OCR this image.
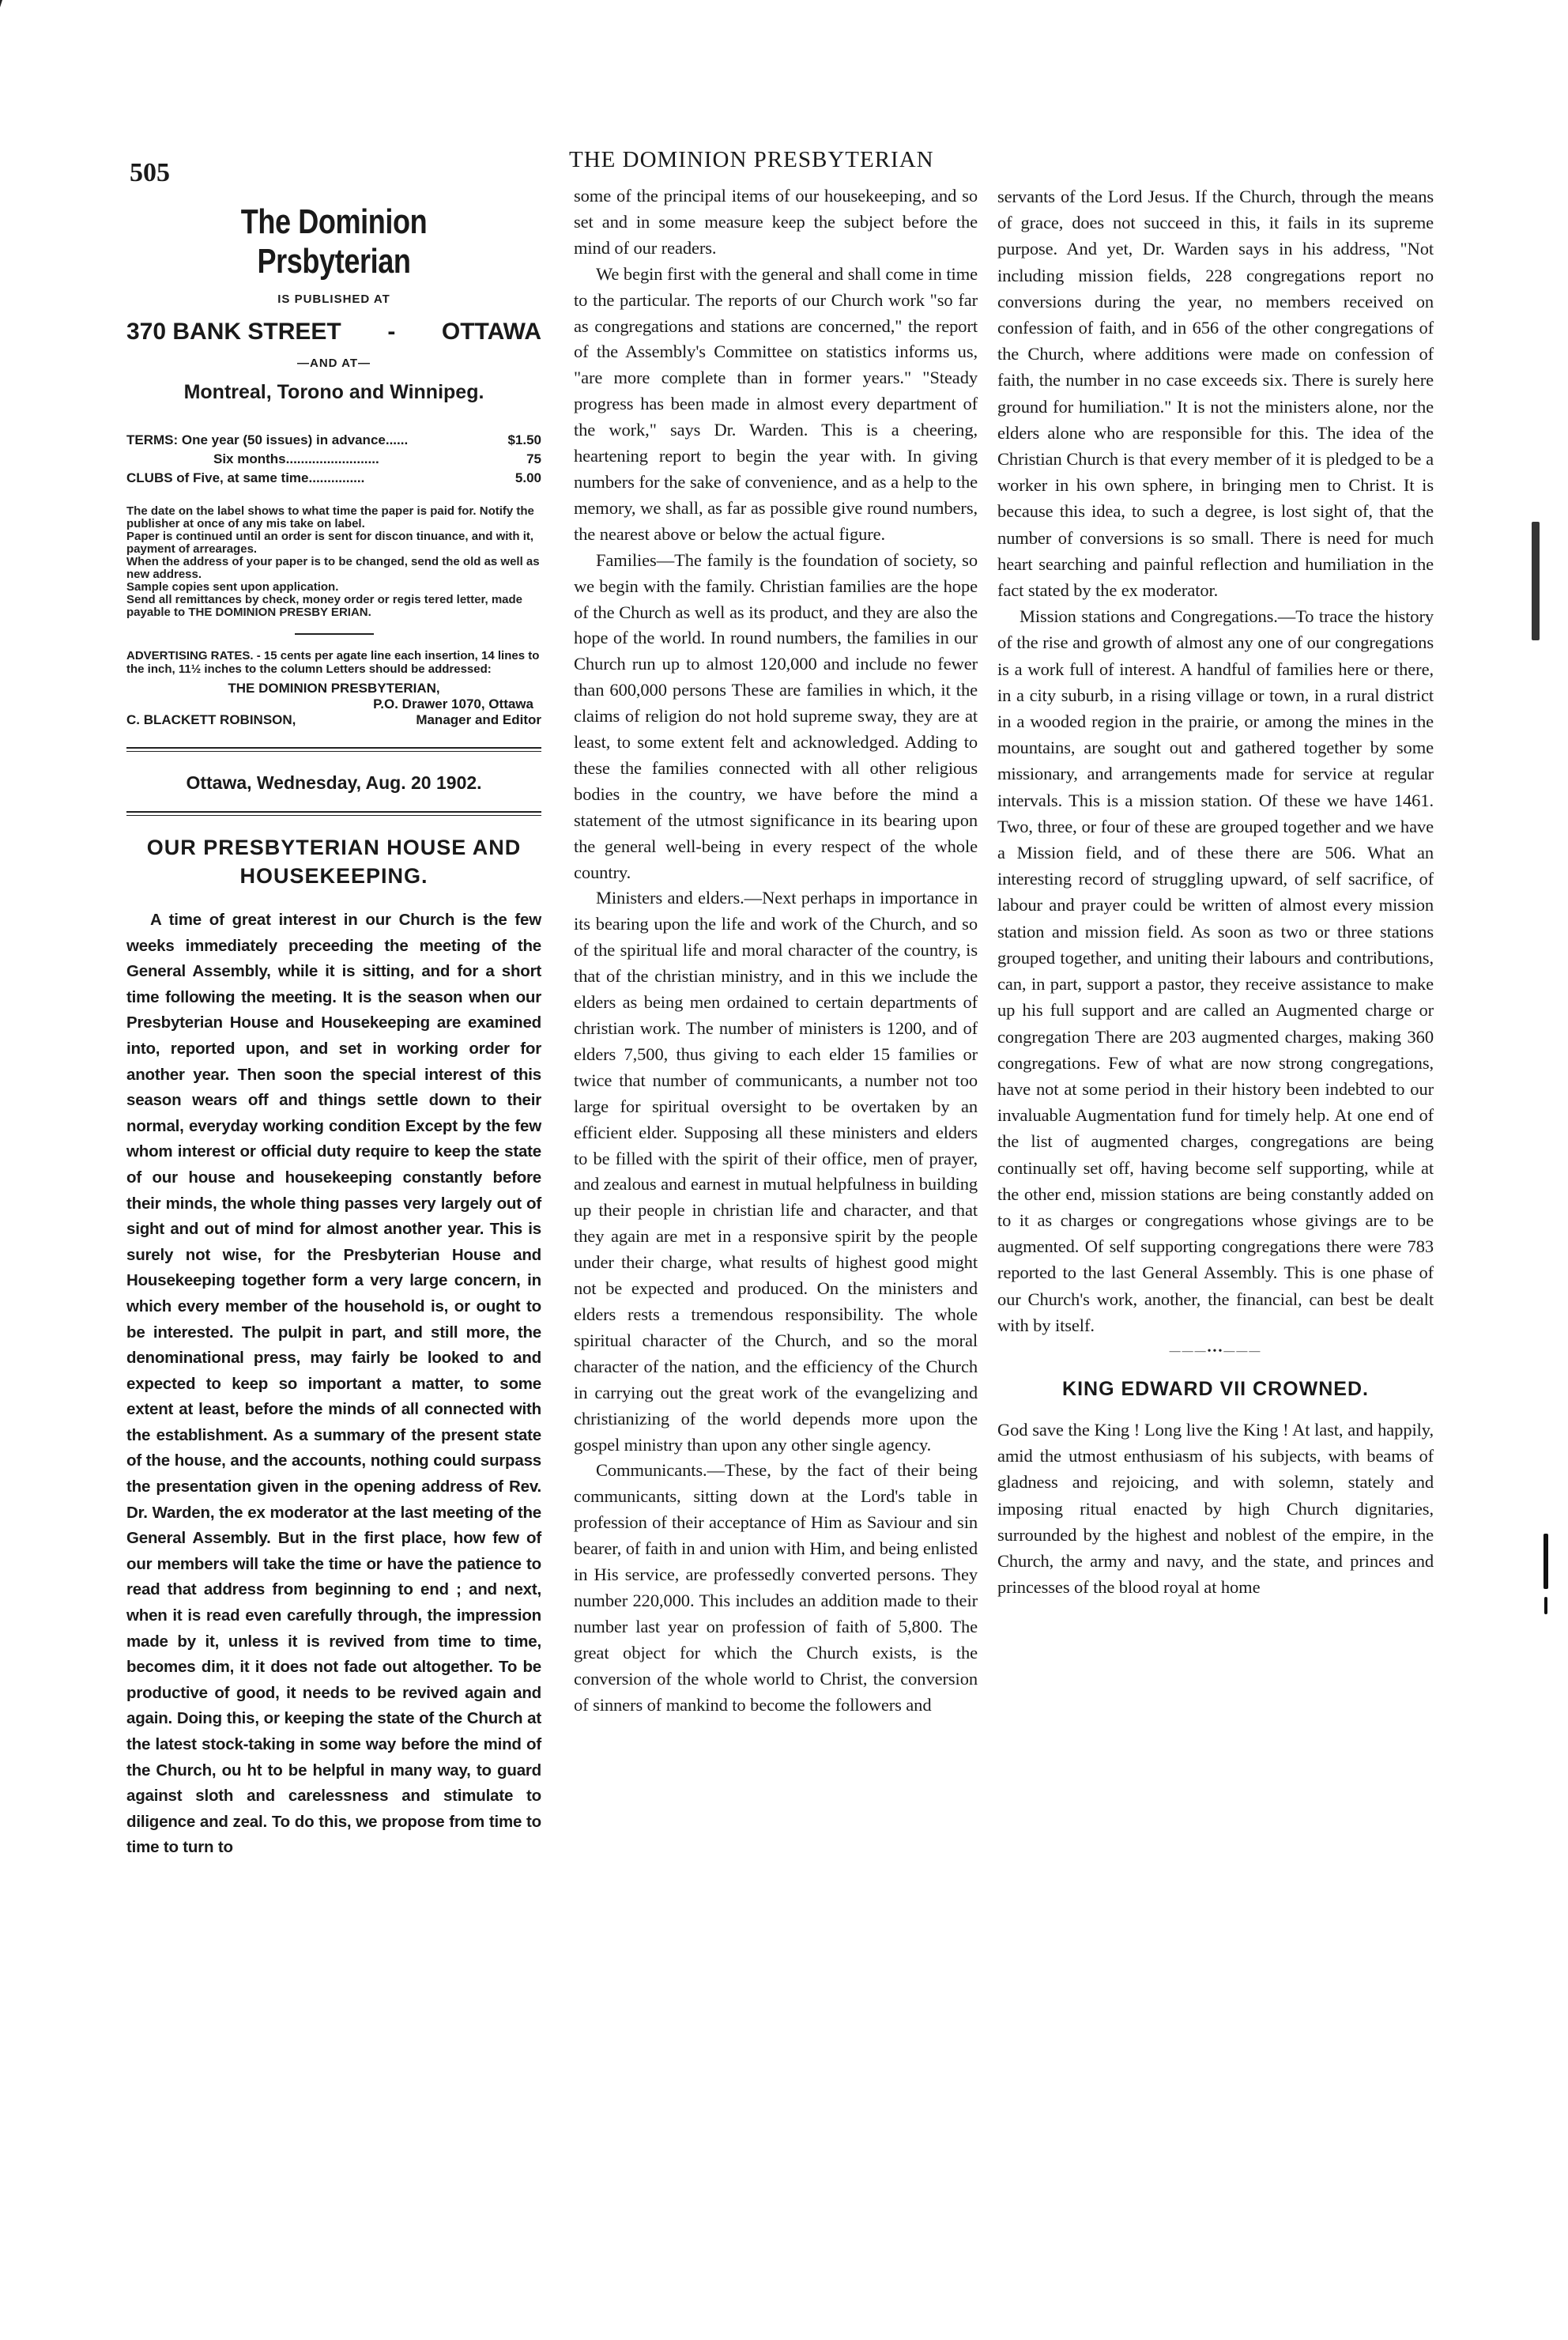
505	THE DOMINION PRESBYTERIAN
The Dominion Prsbyterian
IS PUBLISHED AT
370 BANK STREET - OTTAWA
—AND AT—
Montreal, Torono and Winnipeg.
TERMS: One year (50 issues) in advance......	$1.50
Six months.........................	75
CLUBS of Five, at same time...............	5.00

The date on the label shows to what time the paper is paid for. Notify the publisher at once of any mis take on label.

Paper is continued until an order is sent for discon tinuance, and with it, payment of arrearages.

When the address of your paper is to be changed, send the old as well as new address.

Sample copies sent upon application.

Send all remittances by check, money order or regis tered letter, made payable to THE DOMINION PRESBY ERIAN.

ADVERTISING RATES. - 15 cents per agate line each insertion, 14 lines to the inch, 11½ inches to the column Letters should be addressed:
THE DOMINION PRESBYTERIAN,
P.O. Drawer 1070, Ottawa
C. BLACKETT ROBINSON,	Manager and Editor
Ottawa, Wednesday, Aug. 20 1902.
OUR PRESBYTERIAN HOUSE AND
HOUSEKEEPING.

A time of great interest in our Church is the few weeks immediately preceeding the meeting of the General Assembly, while it is sitting, and for a short time following the meeting. It is the season when our Presbyterian House and Housekeeping are examined into, reported upon, and set in working order for another year. Then soon the special interest of this season wears off and things settle down to their normal, everyday working condition Except by the few whom interest or official duty require to keep the state of our house and housekeeping constantly before their minds, the whole thing passes very largely out of sight and out of mind for almost another year. This is surely not wise, for the Presbyterian House and Housekeeping together form a very large concern, in which every member of the household is, or ought to be interested. The pulpit in part, and still more, the denominational press, may fairly be looked to and expected to keep so important a matter, to some extent at least, before the minds of all connected with the establishment. As a summary of the present state of the house, and the accounts, nothing could surpass the presentation given in the opening address of Rev. Dr. Warden, the ex moderator at the last meeting of the General Assembly. But in the first place, how few of our members will take the time or have the patience to read that address from beginning to end ; and next, when it is read even carefully through, the impression made by it, unless it is revived from time to time, becomes dim, it it does not fade out altogether. To be productive of good, it needs to be revived again and again. Doing this, or keeping the state of the Church at the latest stock-taking in some way before the mind of the Church, ou ht to be helpful in many way, to guard against sloth and carelessness and stimulate to diligence and zeal. To do this, we propose from time to time to turn to

some of the principal items of our housekeeping, and so set and in some measure keep the subject before the mind of our readers.

We begin first with the general and shall come in time to the particular. The reports of our Church work "so far as congregations and stations are concerned," the report of the Assembly's Committee on statistics informs us, "are more complete than in former years." "Steady progress has been made in almost every department of the work," says Dr. Warden. This is a cheering, heartening report to begin the year with. In giving numbers for the sake of convenience, and as a help to the memory, we shall, as far as possible give round numbers, the nearest above or below the actual figure.

Families—The family is the foundation of society, so we begin with the family. Christian families are the hope of the Church as well as its product, and they are also the hope of the world. In round numbers, the families in our Church run up to almost 120,000 and include no fewer than 600,000 persons These are families in which, it the claims of religion do not hold supreme sway, they are at least, to some extent felt and acknowledged. Adding to these the families connected with all other religious bodies in the country, we have before the mind a statement of the utmost significance in its bearing upon the general well-being in every respect of the whole country.

Ministers and elders.—Next perhaps in importance in its bearing upon the life and work of the Church, and so of the spiritual life and moral character of the country, is that of the christian ministry, and in this we include the elders as being men ordained to certain departments of christian work. The number of ministers is 1200, and of elders 7,500, thus giving to each elder 15 families or twice that number of communicants, a number not too large for spiritual oversight to be overtaken by an efficient elder. Supposing all these ministers and elders to be filled with the spirit of their office, men of prayer, and zealous and earnest in mutual helpfulness in building up their people in christian life and character, and that they again are met in a responsive spirit by the people under their charge, what results of highest good might not be expected and produced. On the ministers and elders rests a tremendous responsibility. The whole spiritual character of the Church, and so the moral character of the nation, and the efficiency of the Church in carrying out the great work of the evangelizing and christianizing of the world depends more upon the gospel ministry than upon any other single agency.

Communicants.—These, by the fact of their being communicants, sitting down at the Lord's table in profession of their acceptance of Him as Saviour and sin bearer, of faith in and union with Him, and being enlisted in His service, are professedly converted persons. They number 220,000. This includes an addition made to their number last year on profession of faith of 5,800. The great object for which the Church exists, is the conversion of the whole world to Christ, the conversion of sinners of mankind to become the followers and

servants of the Lord Jesus. If the Church, through the means of grace, does not succeed in this, it fails in its supreme purpose. And yet, Dr. Warden says in his address, "Not including mission fields, 228 congregations report no conversions during the year, no members received on confession of faith, and in 656 of the other congregations of the Church, where additions were made on confession of faith, the number in no case exceeds six. There is surely here ground for humiliation." It is not the ministers alone, nor the elders alone who are responsible for this. The idea of the Christian Church is that every member of it is pledged to be a worker in his own sphere, in bringing men to Christ. It is because this idea, to such a degree, is lost sight of, that the number of conversions is so small. There is need for much heart searching and painful reflection and humiliation in the fact stated by the ex moderator.

Mission stations and Congregations.—To trace the history of the rise and growth of almost any one of our congregations is a work full of interest. A handful of families here or there, in a city suburb, in a rising village or town, in a rural district in a wooded region in the prairie, or among the mines in the mountains, are sought out and gathered together by some missionary, and arrangements made for service at regular intervals. This is a mission station. Of these we have 1461. Two, three, or four of these are grouped together and we have a Mission field, and of these there are 506. What an interesting record of struggling upward, of self sacrifice, of labour and prayer could be written of almost every mission station and mission field. As soon as two or three stations grouped together, and uniting their labours and contributions, can, in part, support a pastor, they receive assistance to make up his full support and are called an Augmented charge or congregation There are 203 augmented charges, making 360 congregations. Few of what are now strong congregations, have not at some period in their history been indebted to our invaluable Augmentation fund for timely help. At one end of the list of augmented charges, congregations are being continually set off, having become self supporting, while at the other end, mission stations are being constantly added on to it as charges or congregations whose givings are to be augmented. Of self supporting congregations there were 783 reported to the last General Assembly. This is one phase of our Church's work, another, the financial, can best be dealt with by itself.

———•••———
KING EDWARD VII CROWNED.

God save the King ! Long live the King ! At last, and happily, amid the utmost enthusiasm of his subjects, with beams of gladness and rejoicing, and with solemn, stately and imposing ritual enacted by high Church dignitaries, surrounded by the highest and noblest of the empire, in the Church, the army and navy, and the state, and princes and princesses of the blood royal at home
